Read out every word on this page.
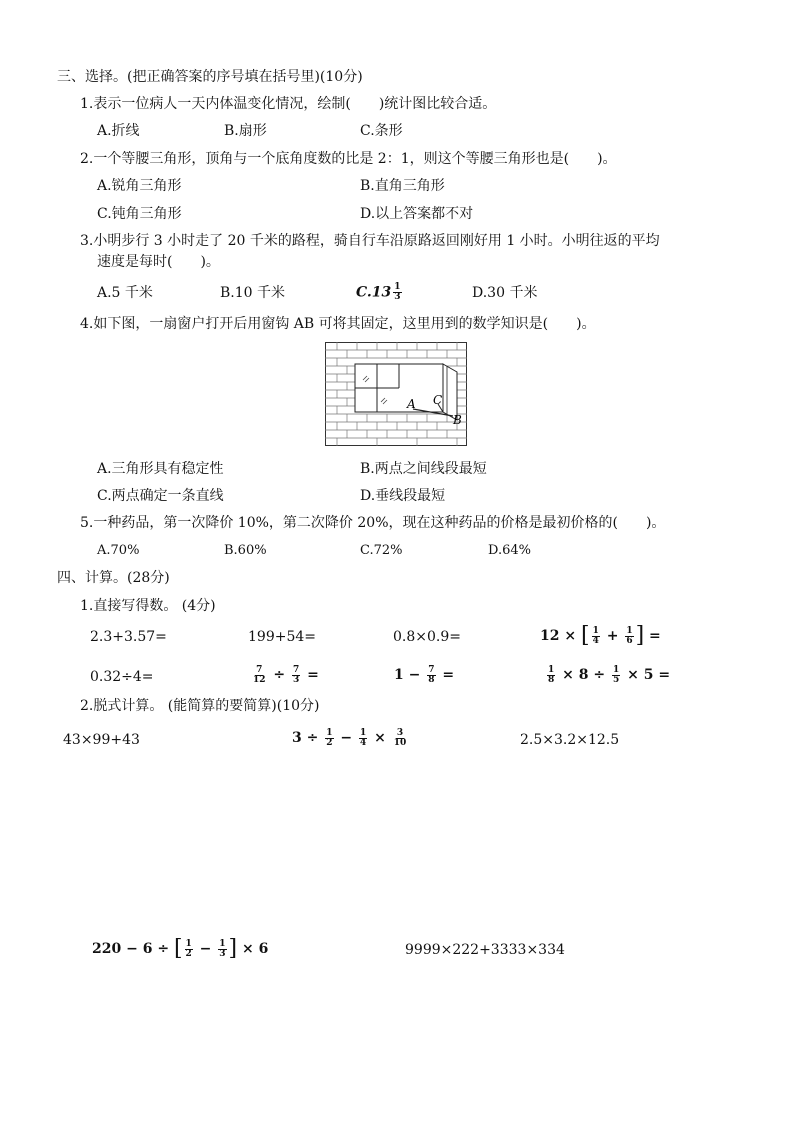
三、选择。(把正确答案的序号填在括号里)(10分)
1.表示一位病人一天内体温变化情况，绘制(　　)统计图比较合适。
A.折线	B.扇形	C.条形
2.一个等腰三角形，顶角与一个底角度数的比是 2：1，则这个等腰三角形也是(　　)。
A.锐角三角形	B.直角三角形
C.钝角三角形	D.以上答案都不对
3.小明步行 3 小时走了 20 千米的路程，骑自行车沿原路返回刚好用 1 小时。小明往返的平均
速度是每时(　　)。
A.5 千米	B.10 千米	$C.13 \frac{1}{3}$	D.30 千米
4.如下图，一扇窗户打开后用窗钩 AB 可将其固定，这里用到的数学知识是(　　)。
A
B
C
A.三角形具有稳定性	B.两点之间线段最短
C.两点确定一条直线	D.垂线段最短
5.一种药品，第一次降价 10%，第二次降价 20%，现在这种药品的价格是最初价格的(　　)。
A.70%	B.60%	C.72%	D.64%
四、计算。(28分)
1.直接写得数。 (4分)
2.3+3.57=	199+54=	0.8×0.9=	12 × [ $\frac{1}{4} + \frac{1}{6}$ ] =
0.32÷4=	$\frac{7}{12} \div \frac{7}{3}$ =	$1 - \frac{7}{8}$ =	$\frac{1}{8} \times 8 \div \frac{1}{5} \times 5$ =
2.脱式计算。 (能简算的要简算)(10分)
43×99+43	$3 \div \frac{1}{2} - \frac{1}{4} \times \frac{3}{10}$	2.5×3.2×12.5
220 − 6 ÷ [ $\frac{1}{2} - \frac{1}{3}$ ] × 6	9999×222+3333×334
